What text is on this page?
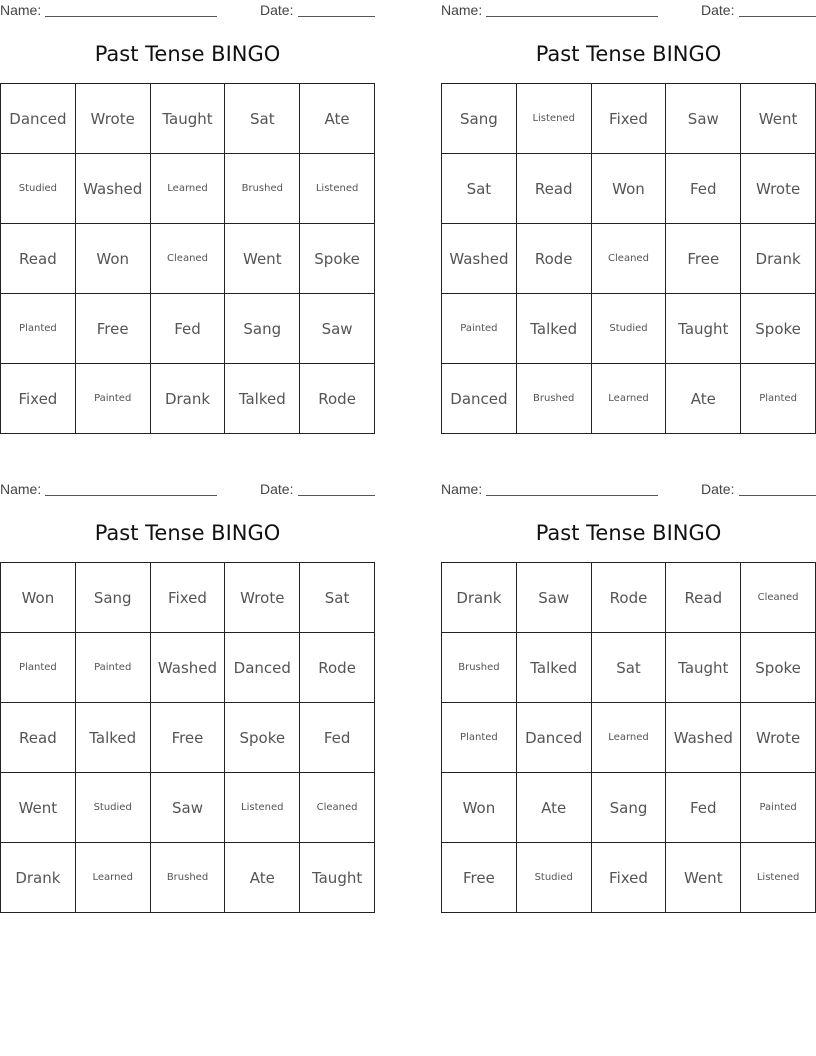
Name:	Date:
Past Tense BINGO
Danced	Wrote	Taught	Sat	Ate
Studied	Washed	Learned	Brushed	Listened
Read	Won	Cleaned	Went	Spoke
Planted	Free	Fed	Sang	Saw
Fixed	Painted	Drank	Talked	Rode
Name:	Date:
Past Tense BINGO
Sang	Listened	Fixed	Saw	Went
Sat	Read	Won	Fed	Wrote
Washed	Rode	Cleaned	Free	Drank
Painted	Talked	Studied	Taught	Spoke
Danced	Brushed	Learned	Ate	Planted
Name:	Date:
Past Tense BINGO
Won	Sang	Fixed	Wrote	Sat
Planted	Painted	Washed	Danced	Rode
Read	Talked	Free	Spoke	Fed
Went	Studied	Saw	Listened	Cleaned
Drank	Learned	Brushed	Ate	Taught
Name:	Date:
Past Tense BINGO
Drank	Saw	Rode	Read	Cleaned
Brushed	Talked	Sat	Taught	Spoke
Planted	Danced	Learned	Washed	Wrote
Won	Ate	Sang	Fed	Painted
Free	Studied	Fixed	Went	Listened
